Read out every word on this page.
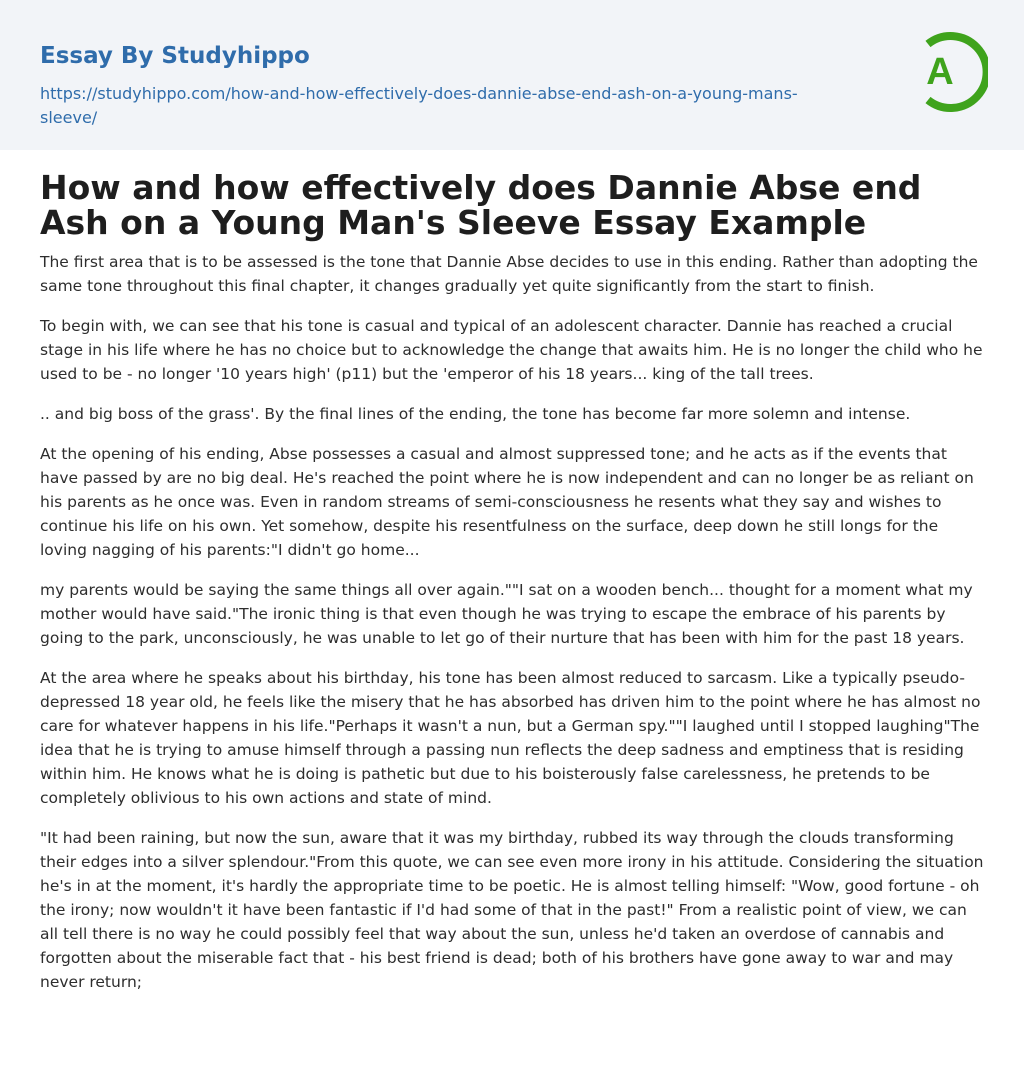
Essay By Studyhippo
https://studyhippo.com/how-and-how-effectively-does-dannie-abse-end-ash-on-a-young-mans-sleeve/
A
How and how effectively does Dannie Abse end Ash on a Young Man's Sleeve Essay Example

The first area that is to be assessed is the tone that Dannie Abse decides to use in this ending. Rather than adopting the same tone throughout this final chapter, it changes gradually yet quite significantly from the start to finish.

To begin with, we can see that his tone is casual and typical of an adolescent character. Dannie has reached a crucial stage in his life where he has no choice but to acknowledge the change that awaits him. He is no longer the child who he used to be - no longer '10 years high' (p11) but the 'emperor of his 18 years... king of the tall trees.

.. and big boss of the grass'. By the final lines of the ending, the tone has become far more solemn and intense.

At the opening of his ending, Abse possesses a casual and almost suppressed tone; and he acts as if the events that have passed by are no big deal. He's reached the point where he is now independent and can no longer be as reliant on his parents as he once was. Even in random streams of semi-consciousness he resents what they say and wishes to continue his life on his own. Yet somehow, despite his resentfulness on the surface, deep down he still longs for the loving nagging of his parents:"I didn't go home...

my parents would be saying the same things all over again.""I sat on a wooden bench... thought for a moment what my mother would have said."The ironic thing is that even though he was trying to escape the embrace of his parents by going to the park, unconsciously, he was unable to let go of their nurture that has been with him for the past 18 years.

At the area where he speaks about his birthday, his tone has been almost reduced to sarcasm. Like a typically pseudo-depressed 18 year old, he feels like the misery that he has absorbed has driven him to the point where he has almost no care for whatever happens in his life."Perhaps it wasn't a nun, but a German spy.""I laughed until I stopped laughing"The idea that he is trying to amuse himself through a passing nun reflects the deep sadness and emptiness that is residing within him. He knows what he is doing is pathetic but due to his boisterously false carelessness, he pretends to be completely oblivious to his own actions and state of mind.

"It had been raining, but now the sun, aware that it was my birthday, rubbed its way through the clouds transforming their edges into a silver splendour."From this quote, we can see even more irony in his attitude. Considering the situation he's in at the moment, it's hardly the appropriate time to be poetic. He is almost telling himself: "Wow, good fortune - oh the irony; now wouldn't it have been fantastic if I'd had some of that in the past!" From a realistic point of view, we can all tell there is no way he could possibly feel that way about the sun, unless he'd taken an overdose of cannabis and forgotten about the miserable fact that - his best friend is dead; both of his brothers have gone away to war and may never return;
